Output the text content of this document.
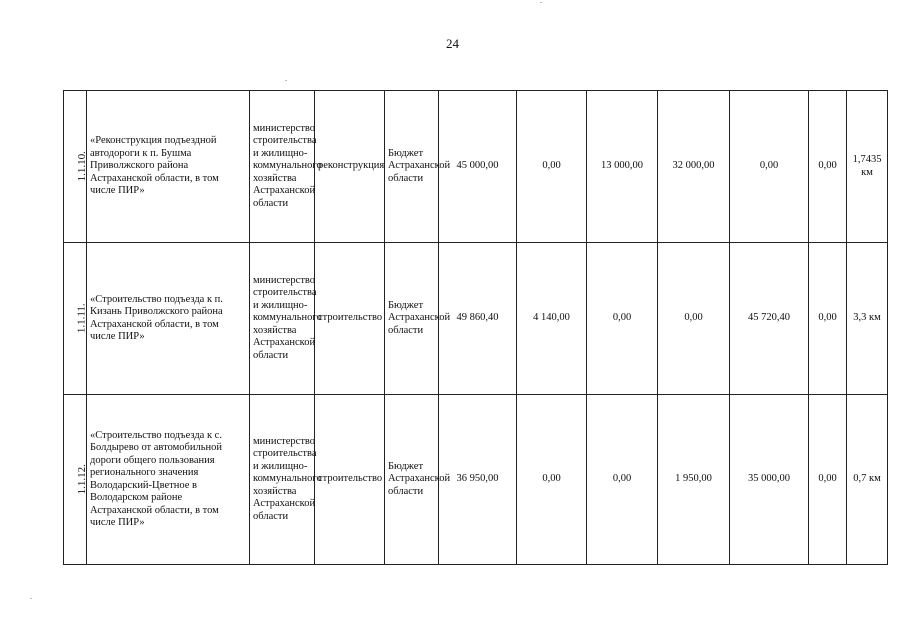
24
1.1.10.	«Реконструкция подъездной автодороги к п. Бушма Приволжского района Астраханской области, в том числе ПИР»	министерство строительства и жилищно-коммунального хозяйства Астраханской области	реконструкция	Бюджет Астраханской области	45 000,00	0,00	13 000,00	32 000,00	0,00	0,00	1,7435 км
1.1.11.	«Строительство подъезда к п. Кизань Приволжского района Астраханской области, в том числе ПИР»	министерство строительства и жилищно-коммунального хозяйства Астраханской области	строительство	Бюджет Астраханской области	49 860,40	4 140,00	0,00	0,00	45 720,40	0,00	3,3 км
1.1.12.	«Строительство подъезда к с. Болдырево от автомобильной дороги общего пользования регионального значения Володарский-Цветное в Володарском районе Астраханской области, в том числе ПИР»	министерство строительства и жилищно-коммунального хозяйства Астраханской области	строительство	Бюджет Астраханской области	36 950,00	0,00	0,00	1 950,00	35 000,00	0,00	0,7 км
